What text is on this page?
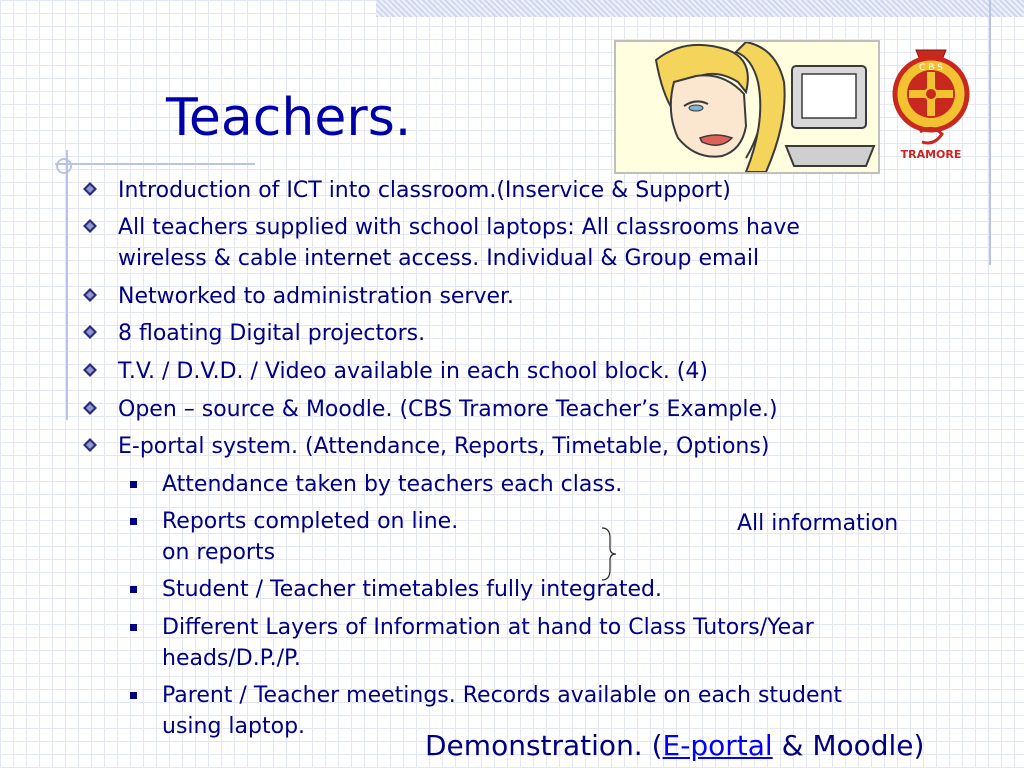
Teachers.
C B S
TRAMORE
Introduction of ICT into classroom.(Inservice & Support)
All teachers supplied with school laptops: All classrooms have
wireless & cable internet access. Individual & Group email
Networked to administration server.
8 floating Digital projectors.
T.V. / D.V.D. / Video available in each school block. (4)
Open – source & Moodle. (CBS Tramore Teacher’s Example.)
E-portal system. (Attendance, Reports, Timetable, Options)
Attendance taken by teachers each class.
Reports completed on line.
on reports
Student / Teacher timetables fully integrated.
Different Layers of Information at hand to Class Tutors/Year
heads/D.P./P.
Parent / Teacher meetings. Records available on each student
using laptop.
All information
Demonstration. (E-portal & Moodle)
